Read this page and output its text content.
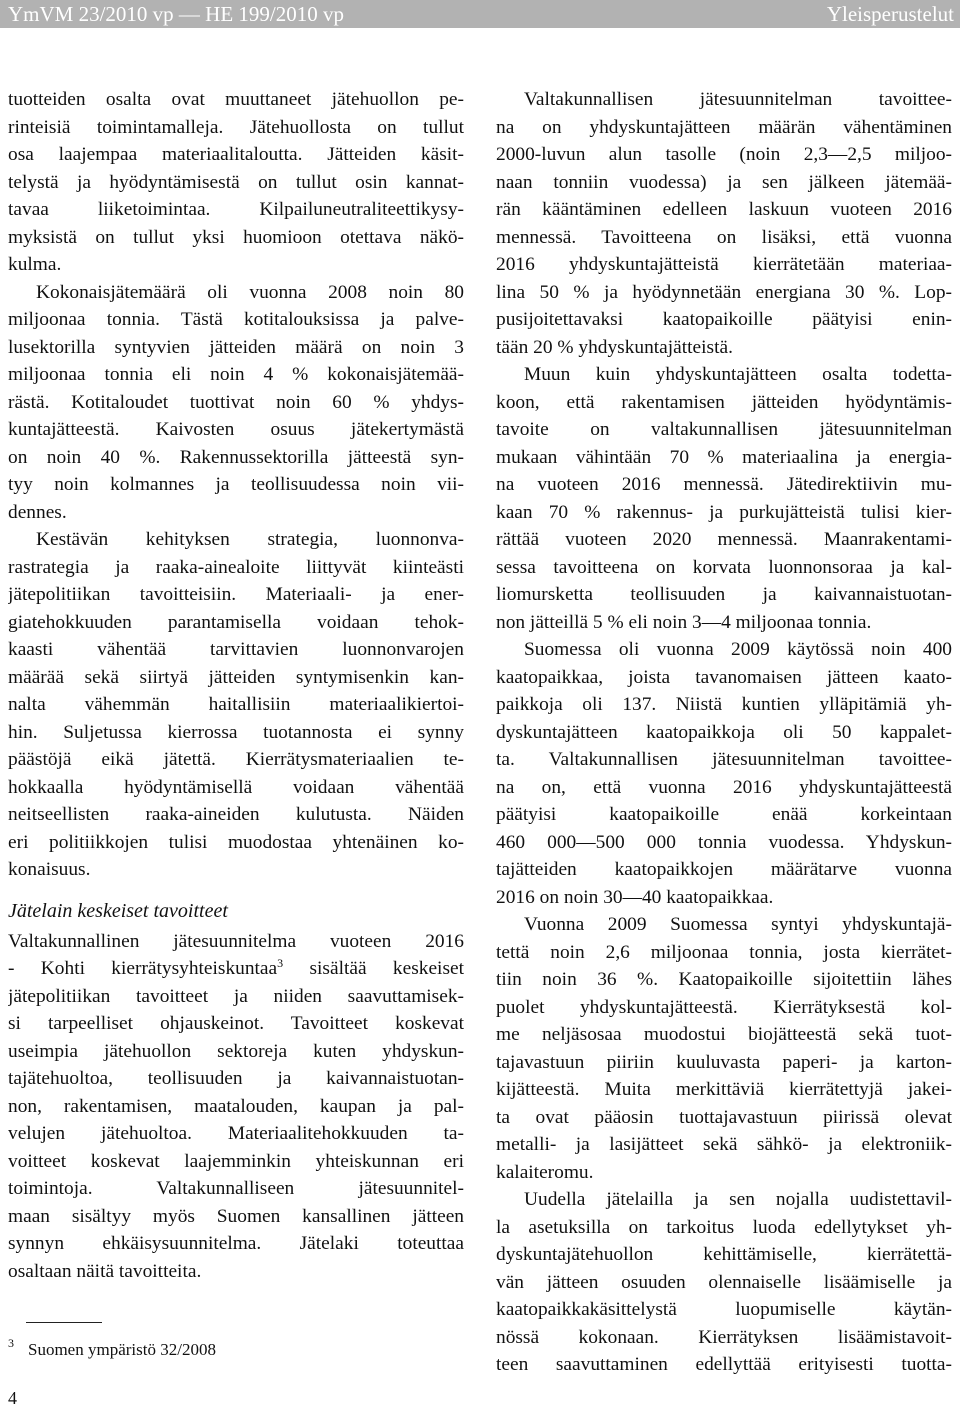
YmVM 23/2010 vp — HE 199/2010 vp	Yleisperustelut
tuotteiden osalta ovat muuttaneet jätehuollon pe-
rinteisiä toimintamalleja. Jätehuollosta on tullut
osa laajempaa materiaalitaloutta. Jätteiden käsit-
telystä ja hyödyntämisestä on tullut osin kannat-
tavaa liiketoimintaa. Kilpailuneutraliteettikysy-
myksistä on tullut yksi huomioon otettava näkö-
kulma.
Kokonaisjätemäärä oli vuonna 2008 noin 80
miljoonaa tonnia. Tästä kotitalouksissa ja palve-
lusektorilla syntyvien jätteiden määrä on noin 3
miljoonaa tonnia eli noin 4 % kokonaisjätemää-
rästä. Kotitaloudet tuottivat noin 60 % yhdys-
kuntajätteestä. Kaivosten osuus jätekertymästä
on noin 40 %. Rakennussektorilla jätteestä syn-
tyy noin kolmannes ja teollisuudessa noin vii-
dennes.
Kestävän kehityksen strategia, luonnonva-
rastrategia ja raaka-ainealoite liittyvät kiinteästi
jätepolitiikan tavoitteisiin. Materiaali- ja ener-
giatehokkuuden parantamisella voidaan tehok-
kaasti vähentää tarvittavien luonnonvarojen
määrää sekä siirtyä jätteiden syntymisenkin kan-
nalta vähemmän haitallisiin materiaalikiertoi-
hin. Suljetussa kierrossa tuotannosta ei synny
päästöjä eikä jätettä. Kierrätysmateriaalien te-
hokkaalla hyödyntämisellä voidaan vähentää
neitseellisten raaka-aineiden kulutusta. Näiden
eri politiikkojen tulisi muodostaa yhtenäinen ko-
konaisuus.
Jätelain keskeiset tavoitteet
Valtakunnallinen jätesuunnitelma vuoteen 2016
- Kohti kierrätysyhteiskuntaa$^3$ sisältää keskeiset
jätepolitiikan tavoitteet ja niiden saavuttamisek-
si tarpeelliset ohjauskeinot. Tavoitteet koskevat
useimpia jätehuollon sektoreja kuten yhdyskun-
tajätehuoltoa, teollisuuden ja kaivannaistuotan-
non, rakentamisen, maatalouden, kaupan ja pal-
velujen jätehuoltoa. Materiaalitehokkuuden ta-
voitteet koskevat laajemminkin yhteiskunnan eri
toimintoja. Valtakunnalliseen jätesuunnitel-
maan sisältyy myös Suomen kansallinen jätteen
synnyn ehkäisysuunnitelma. Jätelaki toteuttaa
osaltaan näitä tavoitteita.
Valtakunnallisen jätesuunnitelman tavoittee-
na on yhdyskuntajätteen määrän vähentäminen
2000-luvun alun tasolle (noin 2,3—2,5 miljoo-
naan tonniin vuodessa) ja sen jälkeen jätemää-
rän kääntäminen edelleen laskuun vuoteen 2016
mennessä. Tavoitteena on lisäksi, että vuonna
2016 yhdyskuntajätteistä kierrätetään materiaa-
lina 50 % ja hyödynnetään energiana 30 %. Lop-
pusijoitettavaksi kaatopaikoille päätyisi enin-
tään 20 % yhdyskuntajätteistä.
Muun kuin yhdyskuntajätteen osalta todetta-
koon, että rakentamisen jätteiden hyödyntämis-
tavoite on valtakunnallisen jätesuunnitelman
mukaan vähintään 70 % materiaalina ja energia-
na vuoteen 2016 mennessä. Jätedirektiivin mu-
kaan 70 % rakennus- ja purkujätteistä tulisi kier-
rättää vuoteen 2020 mennessä. Maanrakentami-
sessa tavoitteena on korvata luonnonsoraa ja kal-
liomursketta teollisuuden ja kaivannaistuotan-
non jätteillä 5 % eli noin 3—4 miljoonaa tonnia.
Suomessa oli vuonna 2009 käytössä noin 400
kaatopaikkaa, joista tavanomaisen jätteen kaato-
paikkoja oli 137. Niistä kuntien ylläpitämiä yh-
dyskuntajätteen kaatopaikkoja oli 50 kappalet-
ta. Valtakunnallisen jätesuunnitelman tavoittee-
na on, että vuonna 2016 yhdyskuntajätteestä
päätyisi kaatopaikoille enää korkeintaan
460 000—500 000 tonnia vuodessa. Yhdyskun-
tajätteiden kaatopaikkojen määrätarve vuonna
2016 on noin 30—40 kaatopaikkaa.
Vuonna 2009 Suomessa syntyi yhdyskuntajä-
tettä noin 2,6 miljoonaa tonnia, josta kierrätet-
tiin noin 36 %. Kaatopaikoille sijoitettiin lähes
puolet yhdyskuntajätteestä. Kierrätyksestä kol-
me neljäsosaa muodostui biojätteestä sekä tuot-
tajavastuun piiriin kuuluvasta paperi- ja karton-
kijätteestä. Muita merkittäviä kierrätettyjä jakei-
ta ovat pääosin tuottajavastuun piirissä olevat
metalli- ja lasijätteet sekä sähkö- ja elektroniik-
kalaiteromu.
Uudella jätelailla ja sen nojalla uudistettavil-
la asetuksilla on tarkoitus luoda edellytykset yh-
dyskuntajätehuollon kehittämiselle, kierrätettä-
vän jätteen osuuden olennaiselle lisäämiselle ja
kaatopaikkakäsittelystä luopumiselle käytän-
nössä kokonaan. Kierrätyksen lisäämistavoit-
teen saavuttaminen edellyttää erityisesti tuotta-
$^3$ Suomen ympäristö 32/2008
4
